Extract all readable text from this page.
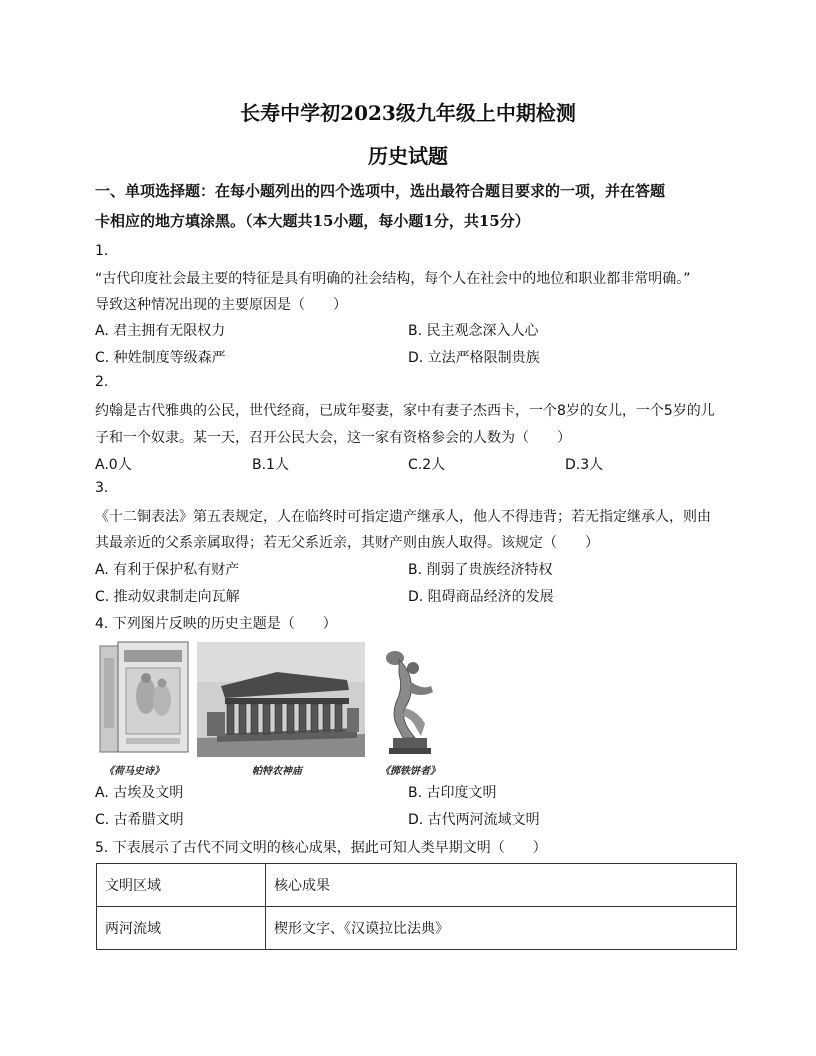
长寿中学初2023级九年级上中期检测
历史试题
一、单项选择题：在每小题列出的四个选项中，选出最符合题目要求的一项，并在答题
卡相应的地方填涂黑。（本大题共15小题，每小题1分，共15分）
1.
“古代印度社会最主要的特征是具有明确的社会结构，每个人在社会中的地位和职业都非常明确。”
导致这种情况出现的主要原因是（　　）
A. 君主拥有无限权力	B. 民主观念深入人心
C. 种姓制度等级森严	D. 立法严格限制贵族
2.
约翰是古代雅典的公民，世代经商，已成年娶妻，家中有妻子杰西卡，一个8岁的女儿，一个5岁的儿
子和一个奴隶。某一天，召开公民大会，这一家有资格参会的人数为（　　）
A.0人	B.1人	C.2人	D.3人
3.
《十二铜表法》第五表规定，人在临终时可指定遗产继承人，他人不得违背；若无指定继承人，则由
其最亲近的父系亲属取得；若无父系近亲，其财产则由族人取得。该规定（　　）
A. 有利于保护私有财产	B. 削弱了贵族经济特权
C. 推动奴隶制走向瓦解	D. 阻碍商品经济的发展
4. 下列图片反映的历史主题是（　　）
《荷马史诗》	帕特农神庙	《掷铁饼者》
A. 古埃及文明	B. 古印度文明
C. 古希腊文明	D. 古代两河流域文明
5. 下表展示了古代不同文明的核心成果，据此可知人类早期文明（　　）
文明区域	核心成果
两河流域	楔形文字、《汉谟拉比法典》
